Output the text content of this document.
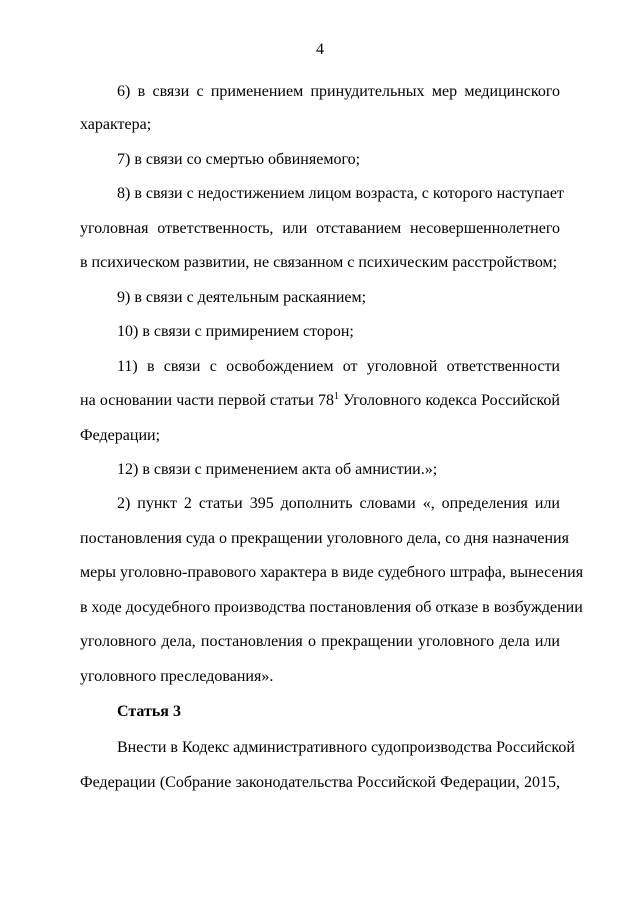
4
6) в связи с применением принудительных мер медицинского
характера;
7) в связи со смертью обвиняемого;
8) в связи с недостижением лицом возраста, с которого наступает
уголовная ответственность, или отставанием несовершеннолетнего
в психическом развитии, не связанном с психическим расстройством;
9) в связи с деятельным раскаянием;
10) в связи с примирением сторон;
11) в связи с освобождением от уголовной ответственности
на основании части первой статьи $78^1$ Уголовного кодекса Российской
Федерации;
12) в связи с применением акта об амнистии.»;
2) пункт 2 статьи 395 дополнить словами «, определения или
постановления суда о прекращении уголовного дела, со дня назначения
меры уголовно-правового характера в виде судебного штрафа, вынесения
в ходе досудебного производства постановления об отказе в возбуждении
уголовного дела, постановления о прекращении уголовного дела или
уголовного преследования».
Статья 3
Внести в Кодекс административного судопроизводства Российской
Федерации (Собрание законодательства Российской Федерации, 2015,
